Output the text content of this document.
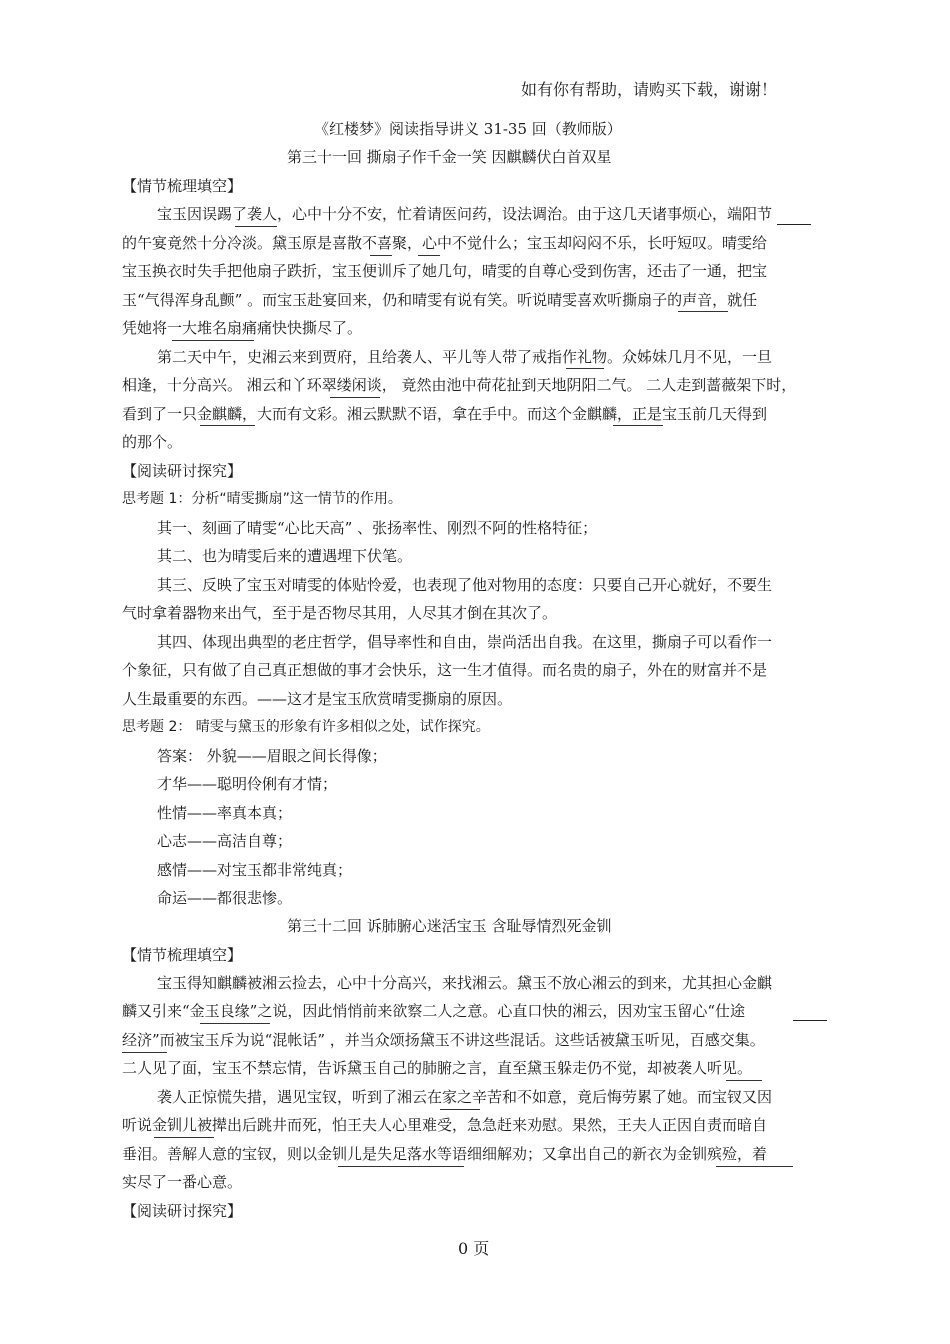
如有你有帮助，请购买下载，谢谢！
《红楼梦》阅读指导讲义 31-35 回（教师版）
第三十一回 撕扇子作千金一笑 因麒麟伏白首双星
【情节梳理填空】
宝玉因误踢了袭人，心中十分不安，忙着请医问药，设法调治。由于这几天诸事烦心，端阳节
的午宴竟然十分冷淡。黛玉原是喜散不喜聚，心中不觉什么；宝玉却闷闷不乐，长吁短叹。晴雯给
宝玉换衣时失手把他扇子跌折，宝玉便训斥了她几句，晴雯的自尊心受到伤害，还击了一通，把宝
玉“气得浑身乱颤” 。而宝玉赴宴回来，仍和晴雯有说有笑。听说晴雯喜欢听撕扇子的声音，就任
凭她将一大堆名扇痛痛快快撕尽了。
第二天中午，史湘云来到贾府，且给袭人、平儿等人带了戒指作礼物。众姊妹几月不见，一旦
相逢，十分高兴。 湘云和丫环翠缕闲谈， 竟然由池中荷花扯到天地阴阳二气。 二人走到蔷薇架下时，
看到了一只金麒麟，大而有文彩。湘云默默不语，拿在手中。而这个金麒麟，正是宝玉前几天得到
的那个。
【阅读研讨探究】
思考题 1：分析“晴雯撕扇”这一情节的作用。
其一、刻画了晴雯“心比天高” 、张扬率性、刚烈不阿的性格特征；
其二、也为晴雯后来的遭遇埋下伏笔。
其三、反映了宝玉对晴雯的体贴怜爱，也表现了他对物用的态度：只要自己开心就好，不要生
气时拿着器物来出气，至于是否物尽其用，人尽其才倒在其次了。
其四、体现出典型的老庄哲学，倡导率性和自由，崇尚活出自我。在这里，撕扇子可以看作一
个象征，只有做了自己真正想做的事才会快乐，这一生才值得。而名贵的扇子，外在的财富并不是
人生最重要的东西。——这才是宝玉欣赏晴雯撕扇的原因。
思考题 2： 晴雯与黛玉的形象有许多相似之处，试作探究。
答案： 外貌——眉眼之间长得像；
才华——聪明伶俐有才情；
性情——率真本真；
心志——高洁自尊；
感情——对宝玉都非常纯真；
命运——都很悲惨。
第三十二回 诉肺腑心迷活宝玉 含耻辱情烈死金钏
【情节梳理填空】
宝玉得知麒麟被湘云捡去，心中十分高兴，来找湘云。黛玉不放心湘云的到来，尤其担心金麒
麟又引来“金玉良缘”之说，因此悄悄前来欲察二人之意。心直口快的湘云，因劝宝玉留心“仕途
经济”而被宝玉斥为说“混帐话” ，并当众颂扬黛玉不讲这些混话。这些话被黛玉听见，百感交集。
二人见了面，宝玉不禁忘情，告诉黛玉自己的肺腑之言，直至黛玉躲走仍不觉，却被袭人听见。
袭人正惊慌失措，遇见宝钗，听到了湘云在家之辛苦和不如意，竟后悔劳累了她。而宝钗又因
听说金钏儿被撵出后跳井而死，怕王夫人心里难受，急急赶来劝慰。果然，王夫人正因自责而暗自
垂泪。善解人意的宝钗，则以金钏儿是失足落水等语细细解劝；又拿出自己的新衣为金钏殡殓，着
实尽了一番心意。
【阅读研讨探究】
0 页
